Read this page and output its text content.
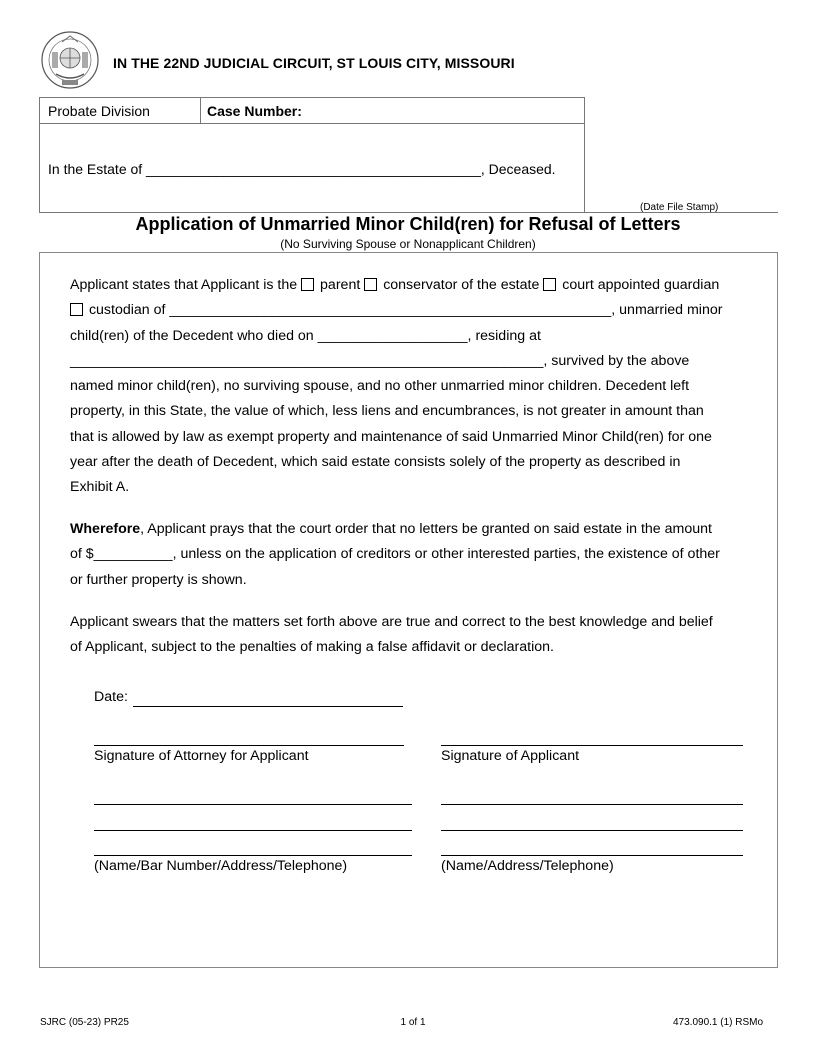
IN THE 22ND JUDICIAL CIRCUIT, ST LOUIS CITY, MISSOURI
Probate Division	Case Number:
In the Estate of ___________________________________________, Deceased.
(Date File Stamp)
Application of Unmarried Minor Child(ren) for Refusal of Letters
(No Surviving Spouse or Nonapplicant Children)
Applicant states that Applicant is the parent conservator of the estate court appointed guardian
custodian of ________________________________________________________, unmarried minor
child(ren) of the Decedent who died on ___________________, residing at
____________________________________________________________, survived by the above
named minor child(ren), no surviving spouse, and no other unmarried minor children. Decedent left
property, in this State, the value of which, less liens and encumbrances, is not greater in amount than
that is allowed by law as exempt property and maintenance of said Unmarried Minor Child(ren) for one
year after the death of Decedent, which said estate consists solely of the property as described in
Exhibit A.
Wherefore, Applicant prays that the court order that no letters be granted on said estate in the amount
of $__________, unless on the application of creditors or other interested parties, the existence of other
or further property is shown.
Applicant swears that the matters set forth above are true and correct to the best knowledge and belief
of Applicant, subject to the penalties of making a false affidavit or declaration.
Date:
Signature of Attorney for Applicant	Signature of Applicant
(Name/Bar Number/Address/Telephone)	(Name/Address/Telephone)
SJRC (05-23) PR25	1 of 1	473.090.1 (1) RSMo
